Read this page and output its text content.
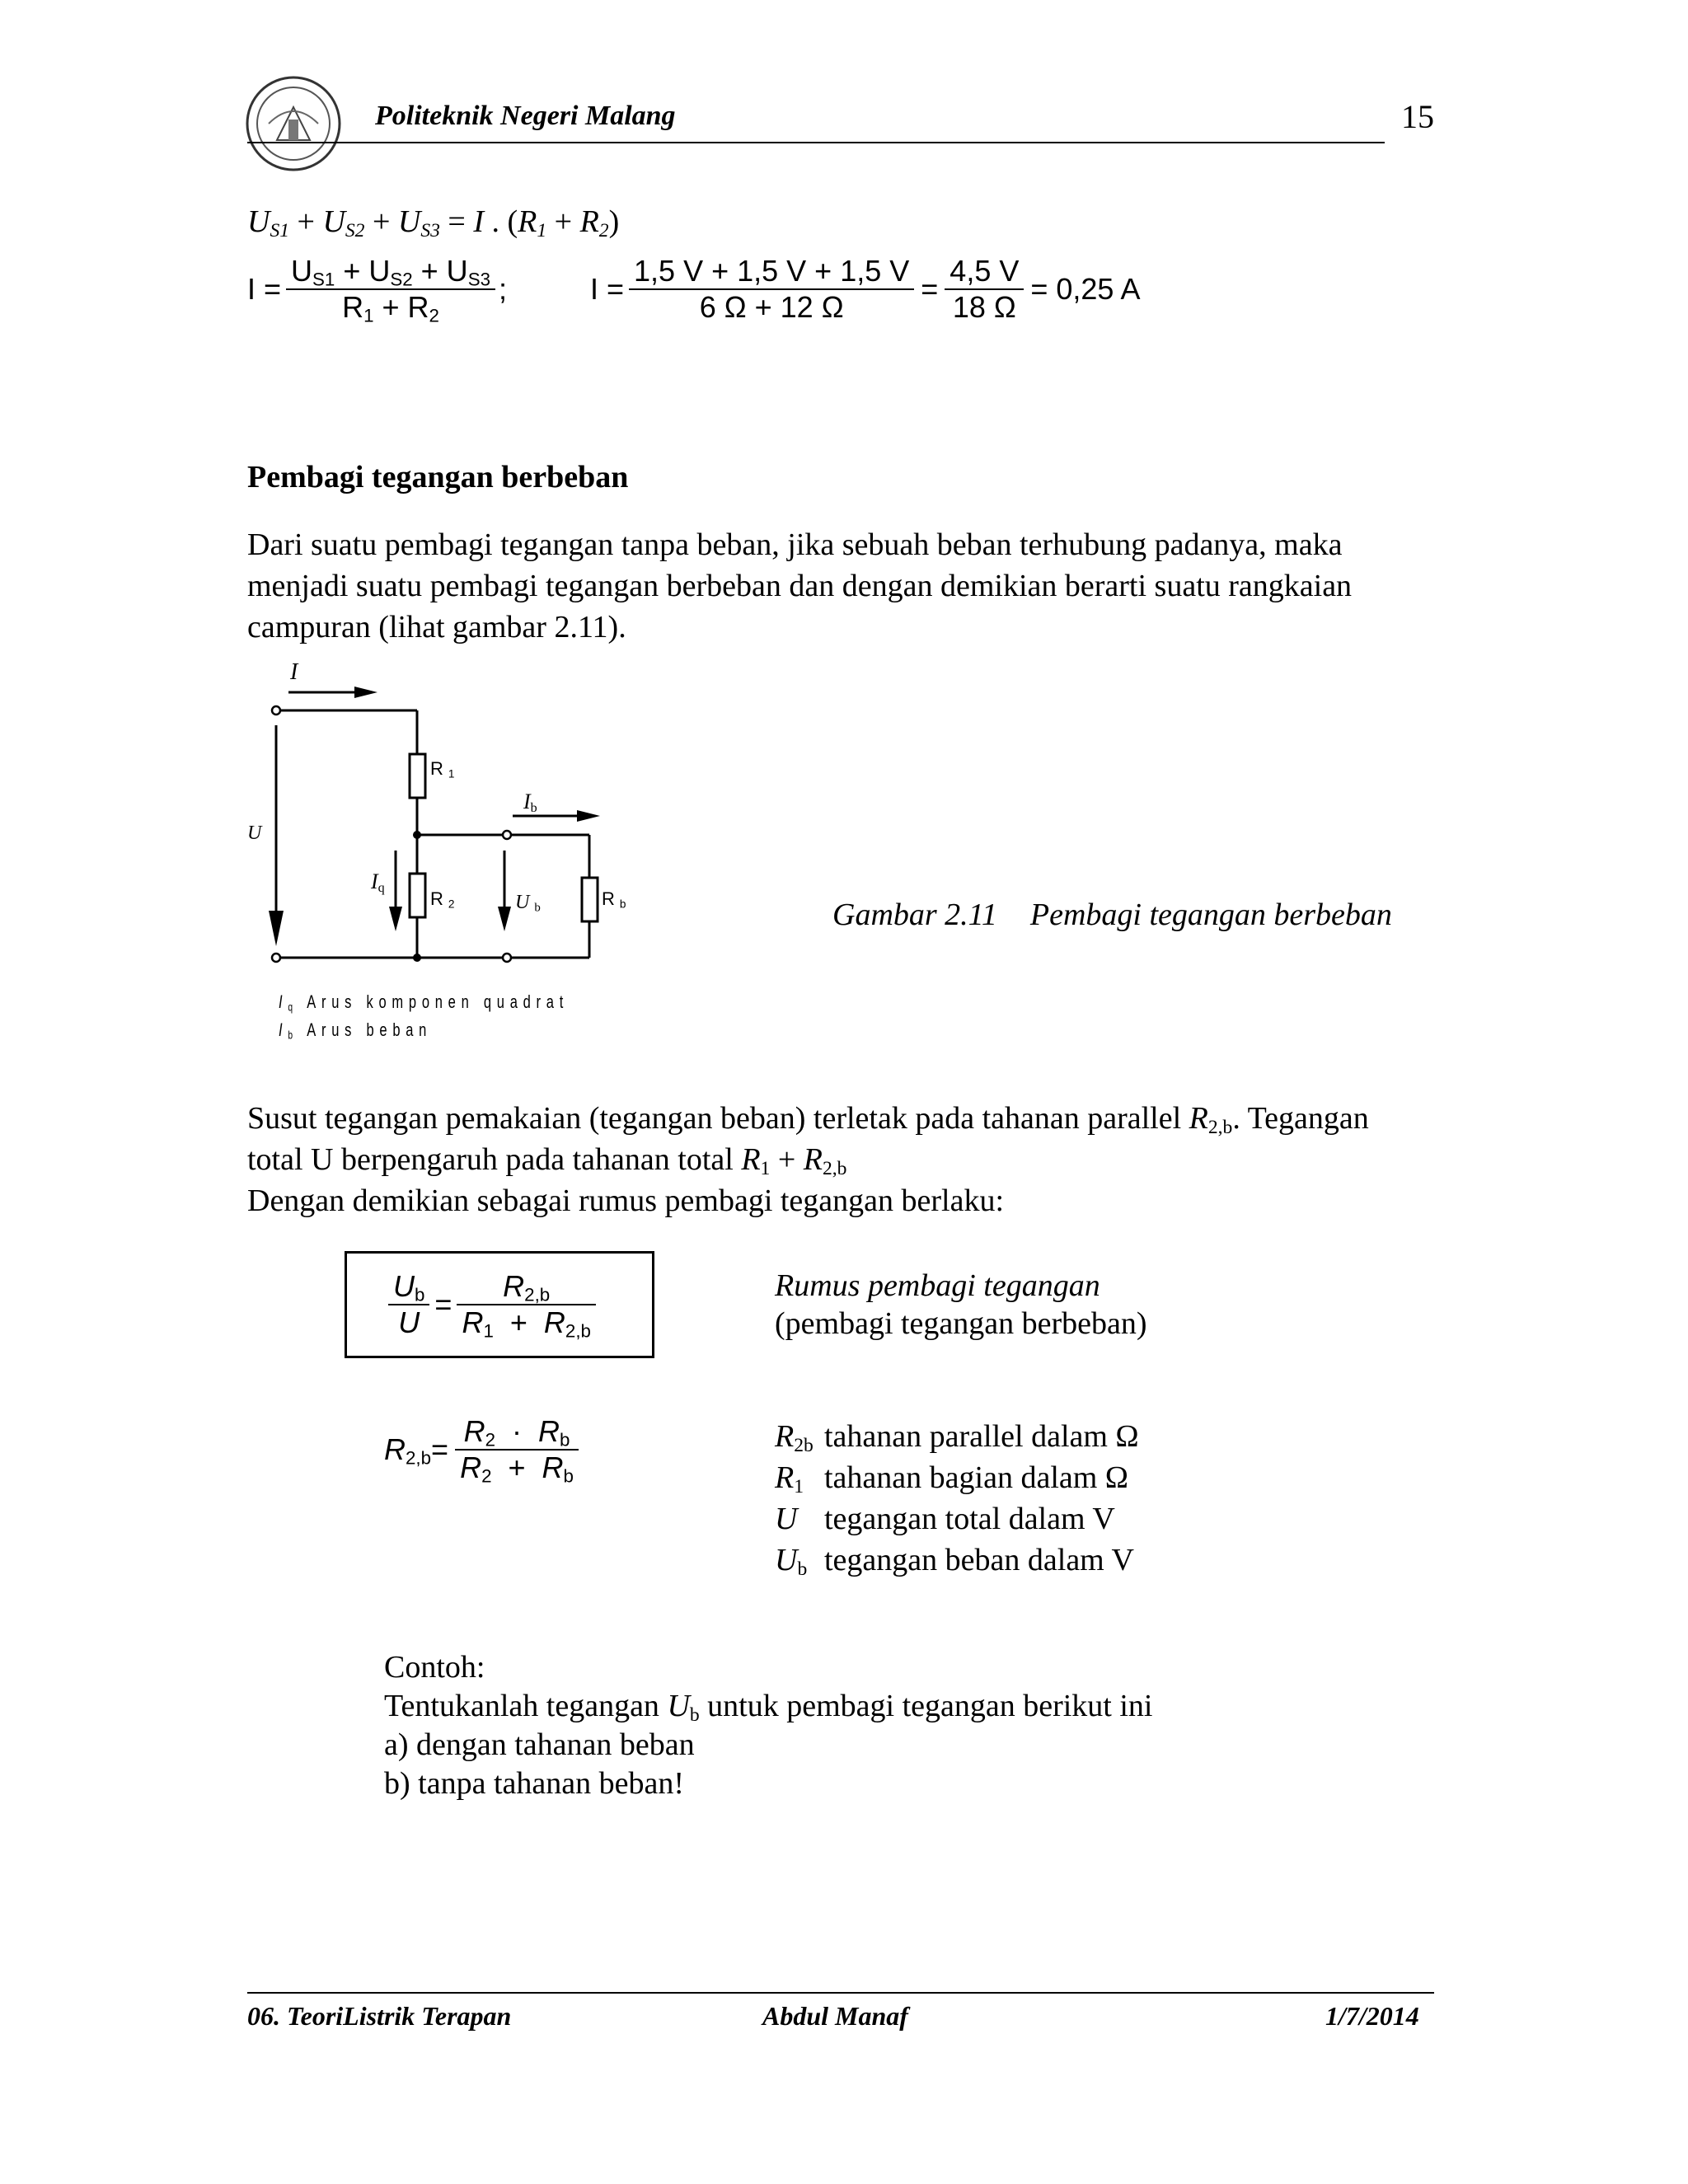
Politeknik Negeri Malang	15
$U_{S1} + U_{S2} + U_{S3} = I$ . $(R_1 + R_2)$
$I = \frac{U_{S1} + U_{S2} + U_{S3}}{R_1 + R_2}$ ;	$I = \frac{1,5 V + 1,5 V + 1,5 V}{6 \Omega + 12 \Omega} = \frac{4,5 V}{18 \Omega} = 0,25$ A
Pembagi tegangan berbeban
Dari suatu pembagi tegangan tanpa beban, jika sebuah beban terhubung padanya, maka
menjadi suatu pembagi tegangan berbeban dan dengan demikian berarti suatu rangkaian
campuran (lihat gambar 2.11).
I
$R_1$
$I_b$
U
$I_q$
$R_2$	$U_b$	$R_b$
$I_q$ Arus komponen quadrat
$I_b$ Arus beban
Gambar 2.11 Pembagi tegangan berbeban
Susut tegangan pemakaian (tegangan beban) terletak pada tahanan parallel $R_{2,b}$. Tegangan
total U berpengaruh pada tahanan total $R_1 + R_{2,b}$
Dengan demikian sebagai rumus pembagi tegangan berlaku:
$\frac{U_b}{U} = \frac{R_{2,b}}{R_1 + R_{2,b}}$	Rumus pembagi tegangan
(pembagi tegangan berbeban)
$R_{2,b} = \frac{R_2 \cdot R_b}{R_2 + R_b}$	$R_{2b}$ tahanan parallel dalam Ω
$R_1$ tahanan bagian dalam Ω
U tegangan total dalam V
$U_b$ tegangan beban dalam V
Contoh:
Tentukanlah tegangan $U_b$ untuk pembagi tegangan berikut ini
a) dengan tahanan beban
b) tanpa tahanan beban!
06. TeoriListrik Terapan	Abdul Manaf	1/7/2014
